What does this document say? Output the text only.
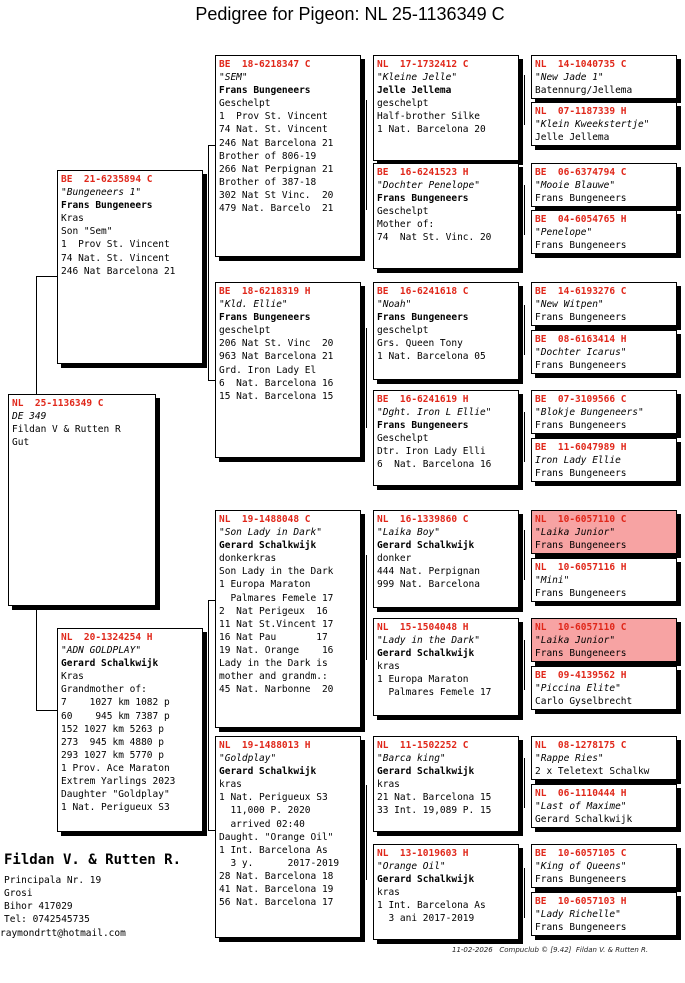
Pedigree for Pigeon: NL 25-1136349 C
NL  25-1136349 C
DE 349
Fildan V & Rutten R
Gut
BE  21-6235894 C
"Bungeneers 1"
Frans Bungeneers
Kras
Son "Sem"
1  Prov St. Vincent
74 Nat. St. Vincent
246 Nat Barcelona 21
NL  20-1324254 H
"ADN GOLDPLAY"
Gerard Schalkwijk
Kras
Grandmother of:
7    1027 km 1082 p
60    945 km 7387 p
152 1027 km 5263 p
273  945 km 4880 p
293 1027 km 5770 p
1 Prov. Ace Maraton
Extrem Yarlings 2023
Daughter "Goldplay"
1 Nat. Perigueux S3
BE  18-6218347 C
"SEM"
Frans Bungeneers
Geschelpt
1  Prov St. Vincent
74 Nat. St. Vincent
246 Nat Barcelona 21
Brother of 806-19
266 Nat Perpignan 21
Brother of 387-18
302 Nat St Vinc.  20
479 Nat. Barcelo  21
BE  18-6218319 H
"Kld. Ellie"
Frans Bungeneers
geschelpt
206 Nat St. Vinc  20
963 Nat Barcelona 21
Grd. Iron Lady El
6  Nat. Barcelona 16
15 Nat. Barcelona 15
NL  19-1488048 C
"Son Lady in Dark"
Gerard Schalkwijk
donkerkras
Son Lady in the Dark
1 Europa Maraton
Palmares Femele 17
2  Nat Perigeux  16
11 Nat St.Vincent 17
16 Nat Pau       17
19 Nat. Orange    16
Lady in the Dark is
mother and grandm.:
45 Nat. Narbonne  20
NL  19-1488013 H
"Goldplay"
Gerard Schalkwijk
kras
1 Nat. Perigueux S3
11,000 P. 2020
arrived 02:40
Daught. "Orange Oil"
1 Int. Barcelona As
3 y.      2017-2019
28 Nat. Barcelona 18
41 Nat. Barcelona 19
56 Nat. Barcelona 17
NL  17-1732412 C
"Kleine Jelle"
Jelle Jellema
geschelpt
Half-brother Silke
1 Nat. Barcelona 20
BE  16-6241523 H
"Dochter Penelope"
Frans Bungeneers
Geschelpt
Mother of:
74  Nat St. Vinc. 20
BE  16-6241618 C
"Noah"
Frans Bungeneers
geschelpt
Grs. Queen Tony
1 Nat. Barcelona 05
BE  16-6241619 H
"Dght. Iron L Ellie"
Frans Bungeneers
Geschelpt
Dtr. Iron Lady Elli
6  Nat. Barcelona 16
NL  16-1339860 C
"Laika Boy"
Gerard Schalkwijk
donker
444 Nat. Perpignan
999 Nat. Barcelona
NL  15-1504048 H
"Lady in the Dark"
Gerard Schalkwijk
kras
1 Europa Maraton
Palmares Femele 17
NL  11-1502252 C
"Barca king"
Gerard Schalkwijk
kras
21 Nat. Barcelona 15
33 Int. 19,089 P. 15
NL  13-1019603 H
"Orange Oil"
Gerard Schalkwijk
kras
1 Int. Barcelona As
3 ani 2017-2019
NL  14-1040735 C
"New Jade 1"
Batennurg/Jellema
NL  07-1187339 H
"Klein Kweekstertje"
Jelle Jellema
BE  06-6374794 C
"Mooie Blauwe"
Frans Bungeneers
BE  04-6054765 H
"Penelope"
Frans Bungeneers
BE  14-6193276 C
"New Witpen"
Frans Bungeneers
BE  08-6163414 H
"Dochter Icarus"
Frans Bungeneers
BE  07-3109566 C
"Blokje Bungeneers"
Frans Bungeneers
BE  11-6047989 H
Iron Lady Ellie
Frans Bungeneers
NL  10-6057110 C
"Laika Junior"
Frans Bungeneers
NL  10-6057116 H
"Mini"
Frans Bungeneers
NL  10-6057110 C
"Laika Junior"
Frans Bungeneers
BE  09-4139562 H
"Piccina Elite"
Carlo Gyselbrecht
NL  08-1278175 C
"Rappe Ries"
2 x Teletext Schalkw
NL  06-1110444 H
"Last of Maxime"
Gerard Schalkwijk
BE  10-6057105 C
"King of Queens"
Frans Bungeneers
BE  10-6057103 H
"Lady Richelle"
Frans Bungeneers
Fildan V. & Rutten R.
Principala Nr. 19
Grosi
Bihor 417029
Tel: 0742545735
raymondrtt@hotmail.com
11-02-2026   Compuclub © [9.42]  Fildan V. & Rutten R.
